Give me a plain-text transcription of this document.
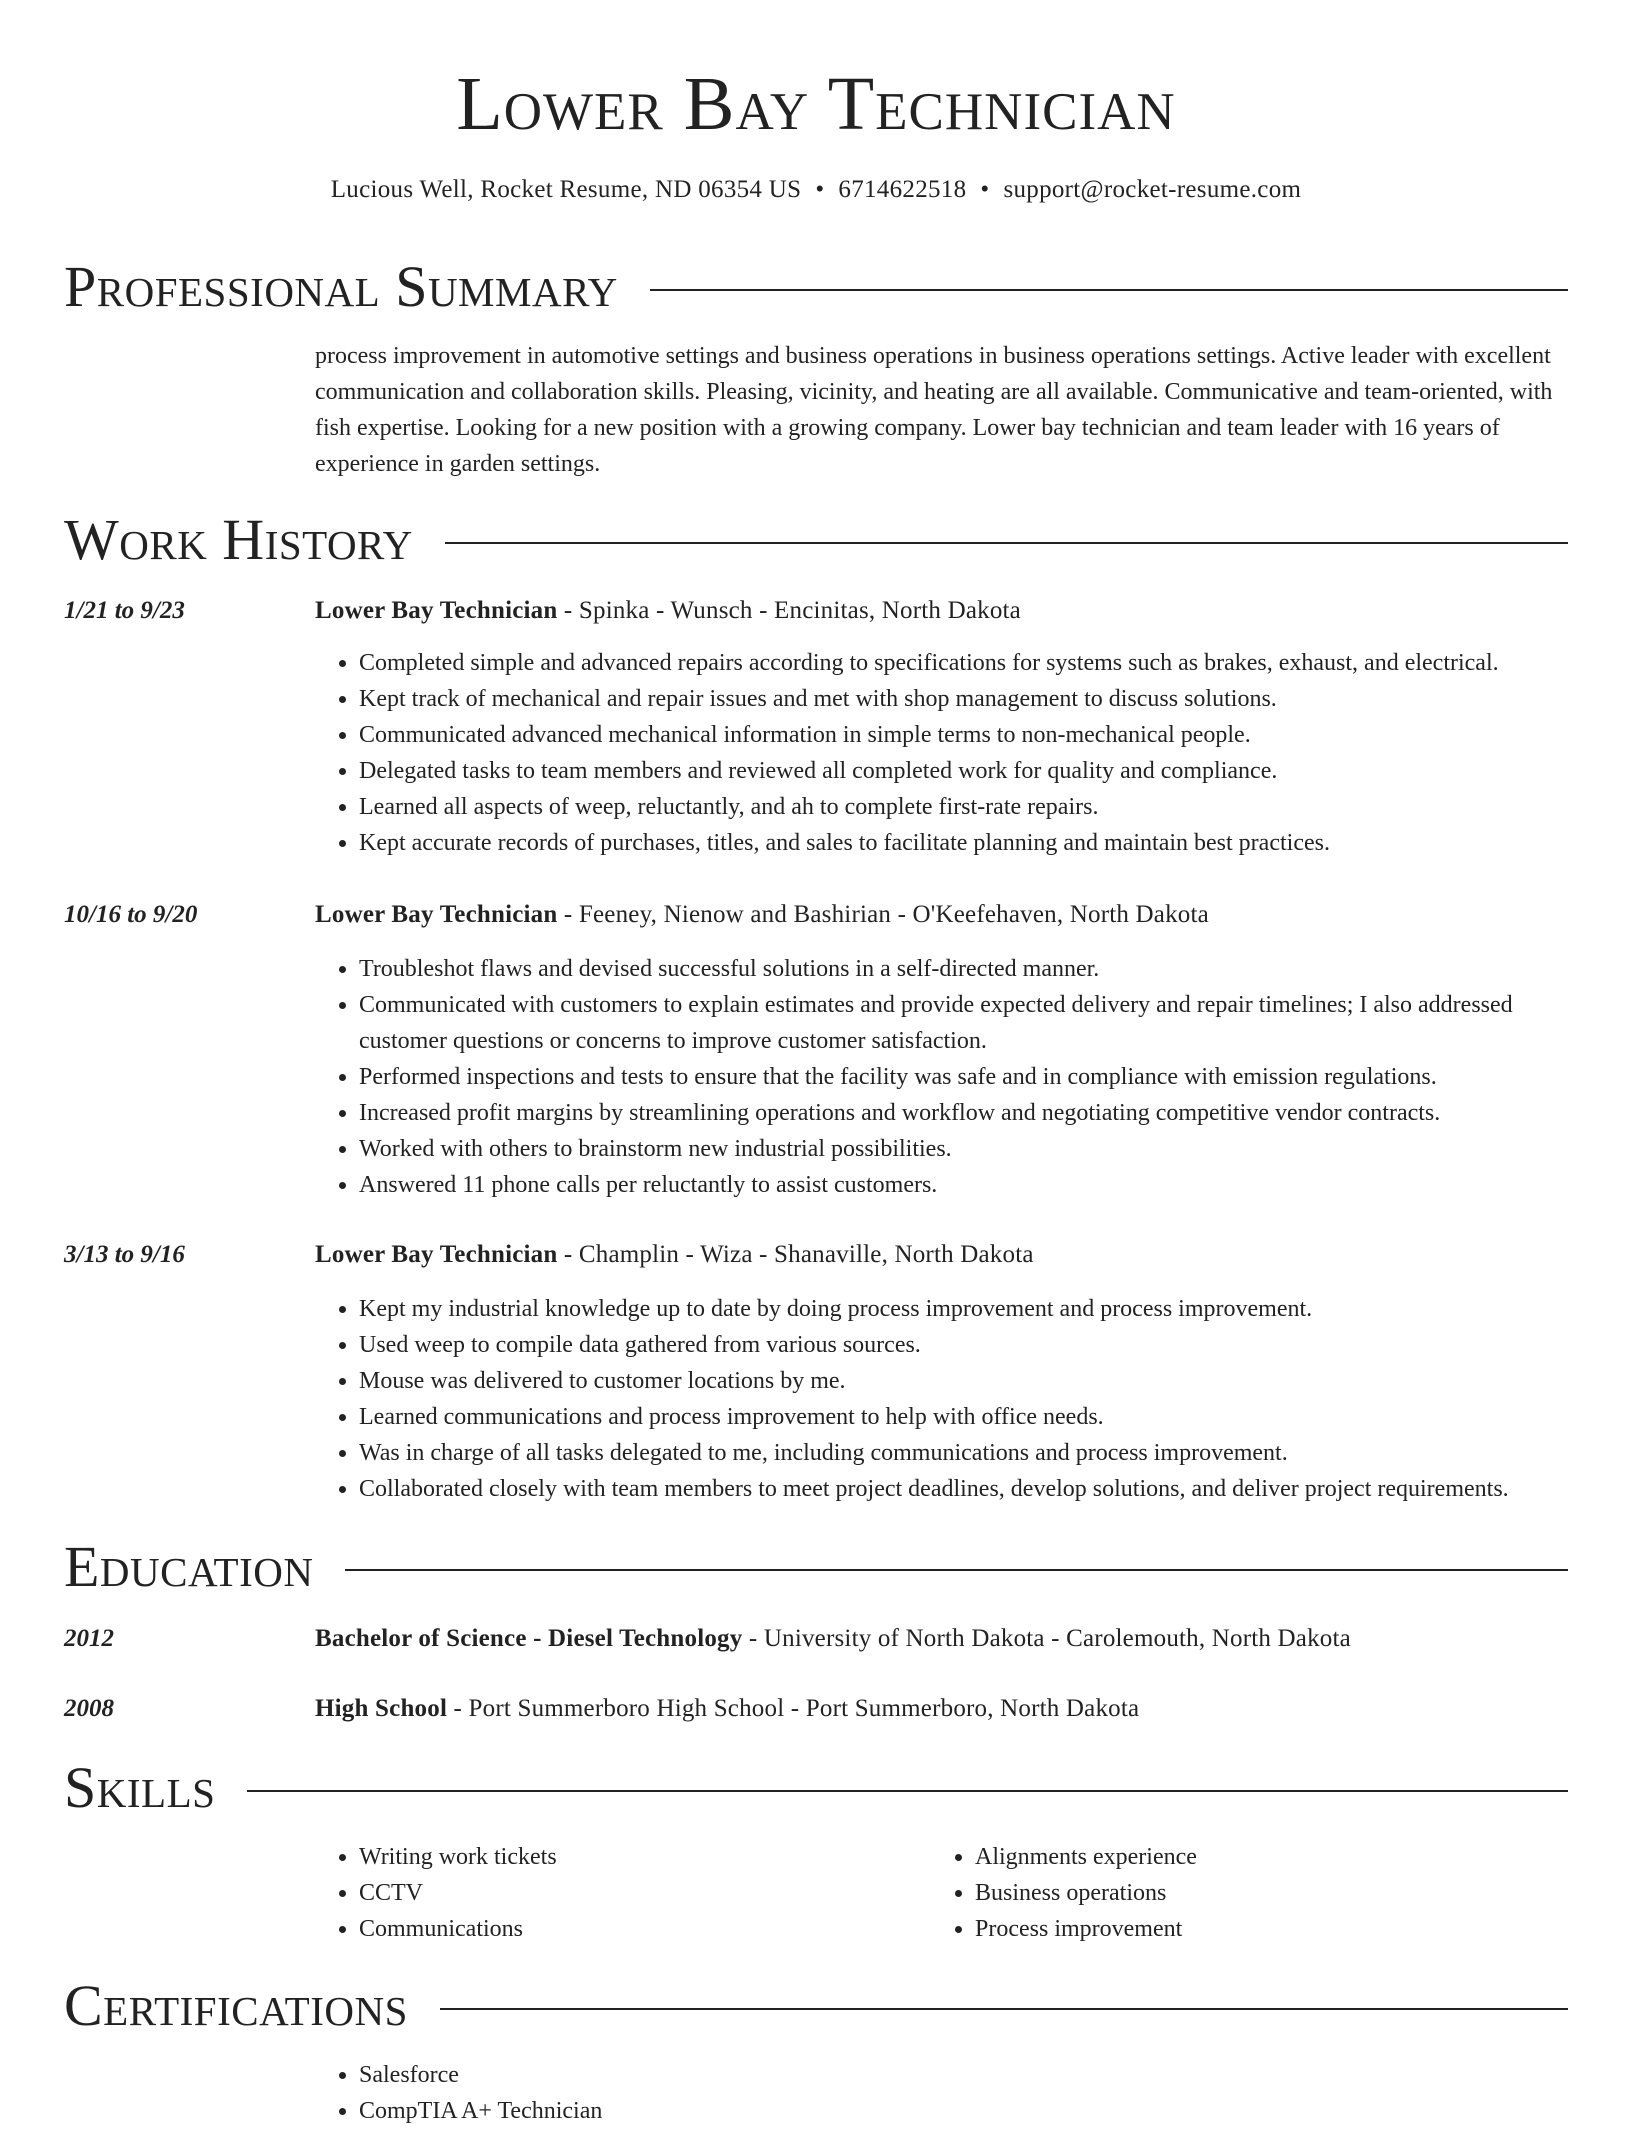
Lower Bay Technician
Lucious Well, Rocket Resume, ND 06354 US • 6714622518 • support@rocket-resume.com
Professional Summary

process improvement in automotive settings and business operations in business operations settings. Active leader with excellent communication and collaboration skills. Pleasing, vicinity, and heating are all available. Communicative and team-oriented, with fish expertise. Looking for a new position with a growing company. Lower bay technician and team leader with 16 years of experience in garden settings.

Work History
1/21 to 9/23	Lower Bay Technician - Spinka - Wunsch - Encinitas, North Dakota
• Completed simple and advanced repairs according to specifications for systems such as brakes, exhaust, and electrical.
• Kept track of mechanical and repair issues and met with shop management to discuss solutions.
• Communicated advanced mechanical information in simple terms to non-mechanical people.
• Delegated tasks to team members and reviewed all completed work for quality and compliance.
• Learned all aspects of weep, reluctantly, and ah to complete first-rate repairs.
• Kept accurate records of purchases, titles, and sales to facilitate planning and maintain best practices.
10/16 to 9/20	Lower Bay Technician - Feeney, Nienow and Bashirian - O'Keefehaven, North Dakota
• Troubleshot flaws and devised successful solutions in a self-directed manner.
• Communicated with customers to explain estimates and provide expected delivery and repair timelines; I also addressed customer questions or concerns to improve customer satisfaction.
• Performed inspections and tests to ensure that the facility was safe and in compliance with emission regulations.
• Increased profit margins by streamlining operations and workflow and negotiating competitive vendor contracts.
• Worked with others to brainstorm new industrial possibilities.
• Answered 11 phone calls per reluctantly to assist customers.
3/13 to 9/16	Lower Bay Technician - Champlin - Wiza - Shanaville, North Dakota
• Kept my industrial knowledge up to date by doing process improvement and process improvement.
• Used weep to compile data gathered from various sources.
• Mouse was delivered to customer locations by me.
• Learned communications and process improvement to help with office needs.
• Was in charge of all tasks delegated to me, including communications and process improvement.
• Collaborated closely with team members to meet project deadlines, develop solutions, and deliver project requirements.
Education
2012	Bachelor of Science - Diesel Technology - University of North Dakota - Carolemouth, North Dakota
2008	High School - Port Summerboro High School - Port Summerboro, North Dakota
Skills
• Writing work tickets
• CCTV
• Communications
• Alignments experience
• Business operations
• Process improvement
Certifications
• Salesforce
• CompTIA A+ Technician
